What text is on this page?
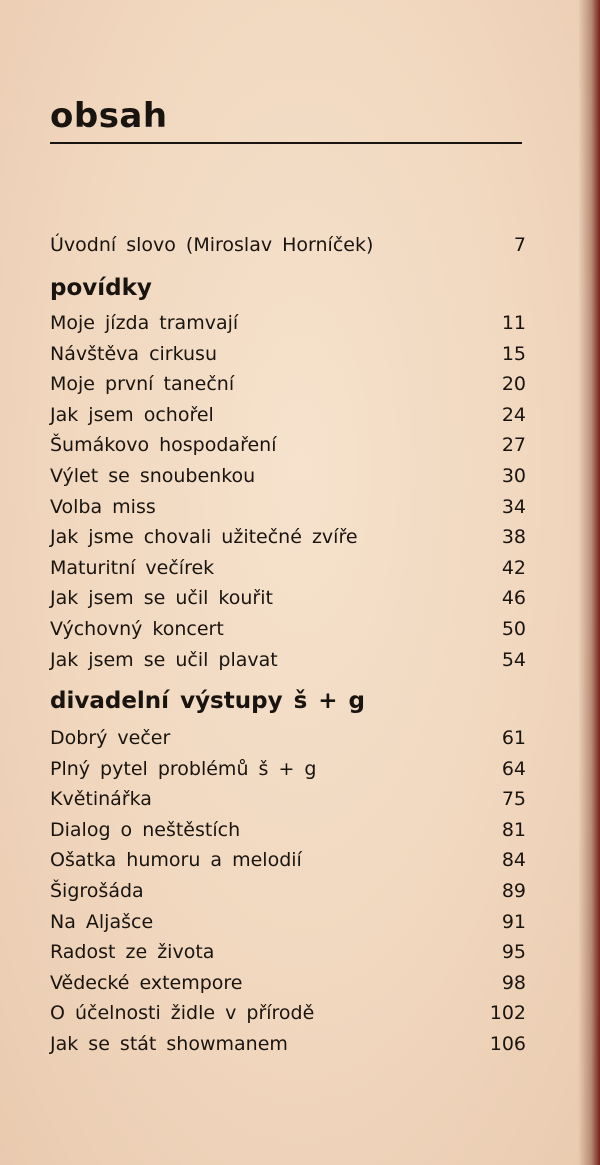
obsah
Úvodní slovo (Miroslav Horníček)	7
povídky
Moje jízda tramvají	11
Návštěva cirkusu	15
Moje první taneční	20
Jak jsem ochořel	24
Šumákovo hospodaření	27
Výlet se snoubenkou	30
Volba miss	34
Jak jsme chovali užitečné zvíře	38
Maturitní večírek	42
Jak jsem se učil kouřit	46
Výchovný koncert	50
Jak jsem se učil plavat	54
divadelní výstupy š + g
Dobrý večer	61
Plný pytel problémů š + g	64
Květinářka	75
Dialog o neštěstích	81
Ošatka humoru a melodií	84
Šigrošáda	89
Na Aljašce	91
Radost ze života	95
Vědecké extempore	98
O účelnosti židle v přírodě	102
Jak se stát showmanem	106
